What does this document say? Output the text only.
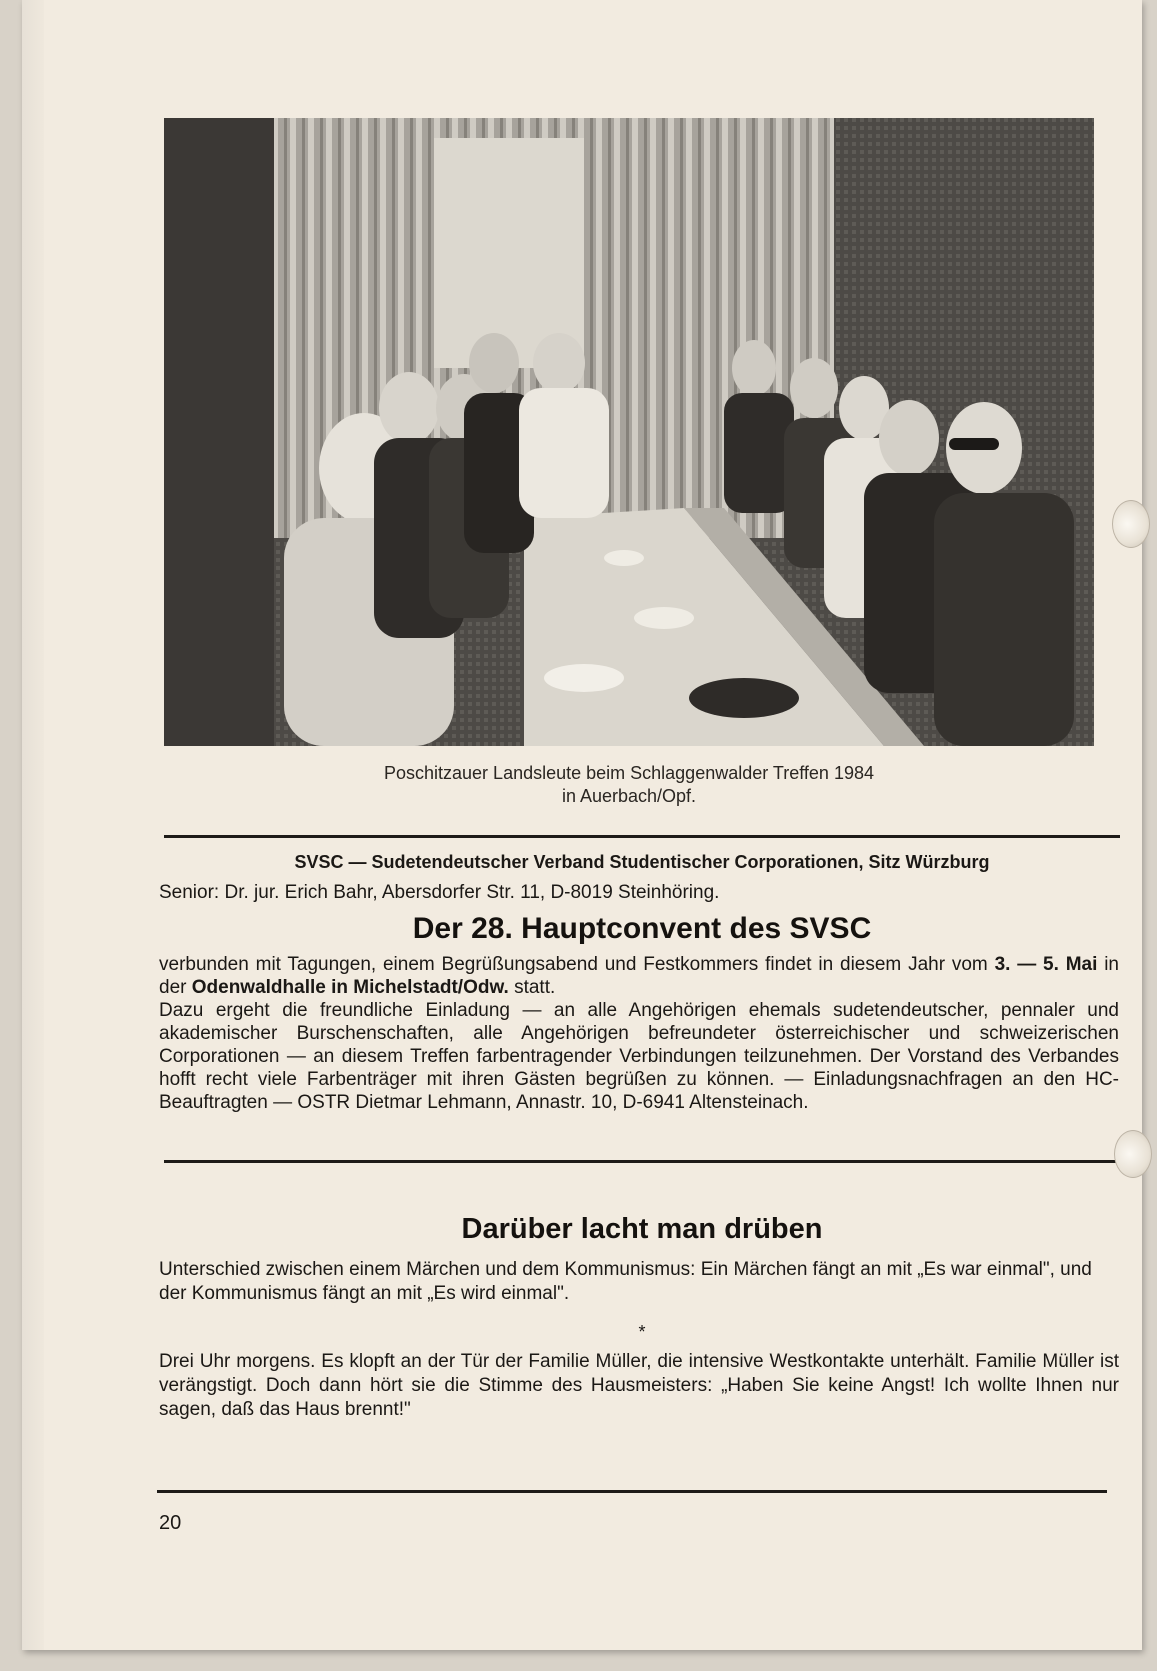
Poschitzauer Landsleute beim Schlaggenwalder Treffen 1984
in Auerbach/Opf.
SVSC — Sudetendeutscher Verband Studentischer Corporationen, Sitz Würzburg
Senior: Dr. jur. Erich Bahr, Abersdorfer Str. 11, D-8019 Steinhöring.
Der 28. Hauptconvent des SVSC
verbunden mit Tagungen, einem Begrüßungsabend und Festkommers findet in diesem Jahr vom 3. — 5. Mai in der Odenwaldhalle in Michelstadt/Odw. statt.
Dazu ergeht die freundliche Einladung — an alle Angehörigen ehemals sudetendeutscher, pennaler und akademischer Burschenschaften, alle Angehörigen befreundeter österreichischer und schweizerischen Corporationen — an diesem Treffen farbentragender Verbindungen teilzunehmen. Der Vorstand des Verbandes hofft recht viele Farbenträger mit ihren Gästen begrüßen zu können. — Einladungsnachfragen an den HC-Beauftragten — OSTR Dietmar Lehmann, Annastr. 10, D-6941 Altensteinach.
Darüber lacht man drüben
Unterschied zwischen einem Märchen und dem Kommunismus: Ein Märchen fängt an mit „Es war einmal", und der Kommunismus fängt an mit „Es wird einmal".
*
Drei Uhr morgens. Es klopft an der Tür der Familie Müller, die intensive Westkontakte unterhält. Familie Müller ist verängstigt. Doch dann hört sie die Stimme des Hausmeisters: „Haben Sie keine Angst! Ich wollte Ihnen nur sagen, daß das Haus brennt!"
20
